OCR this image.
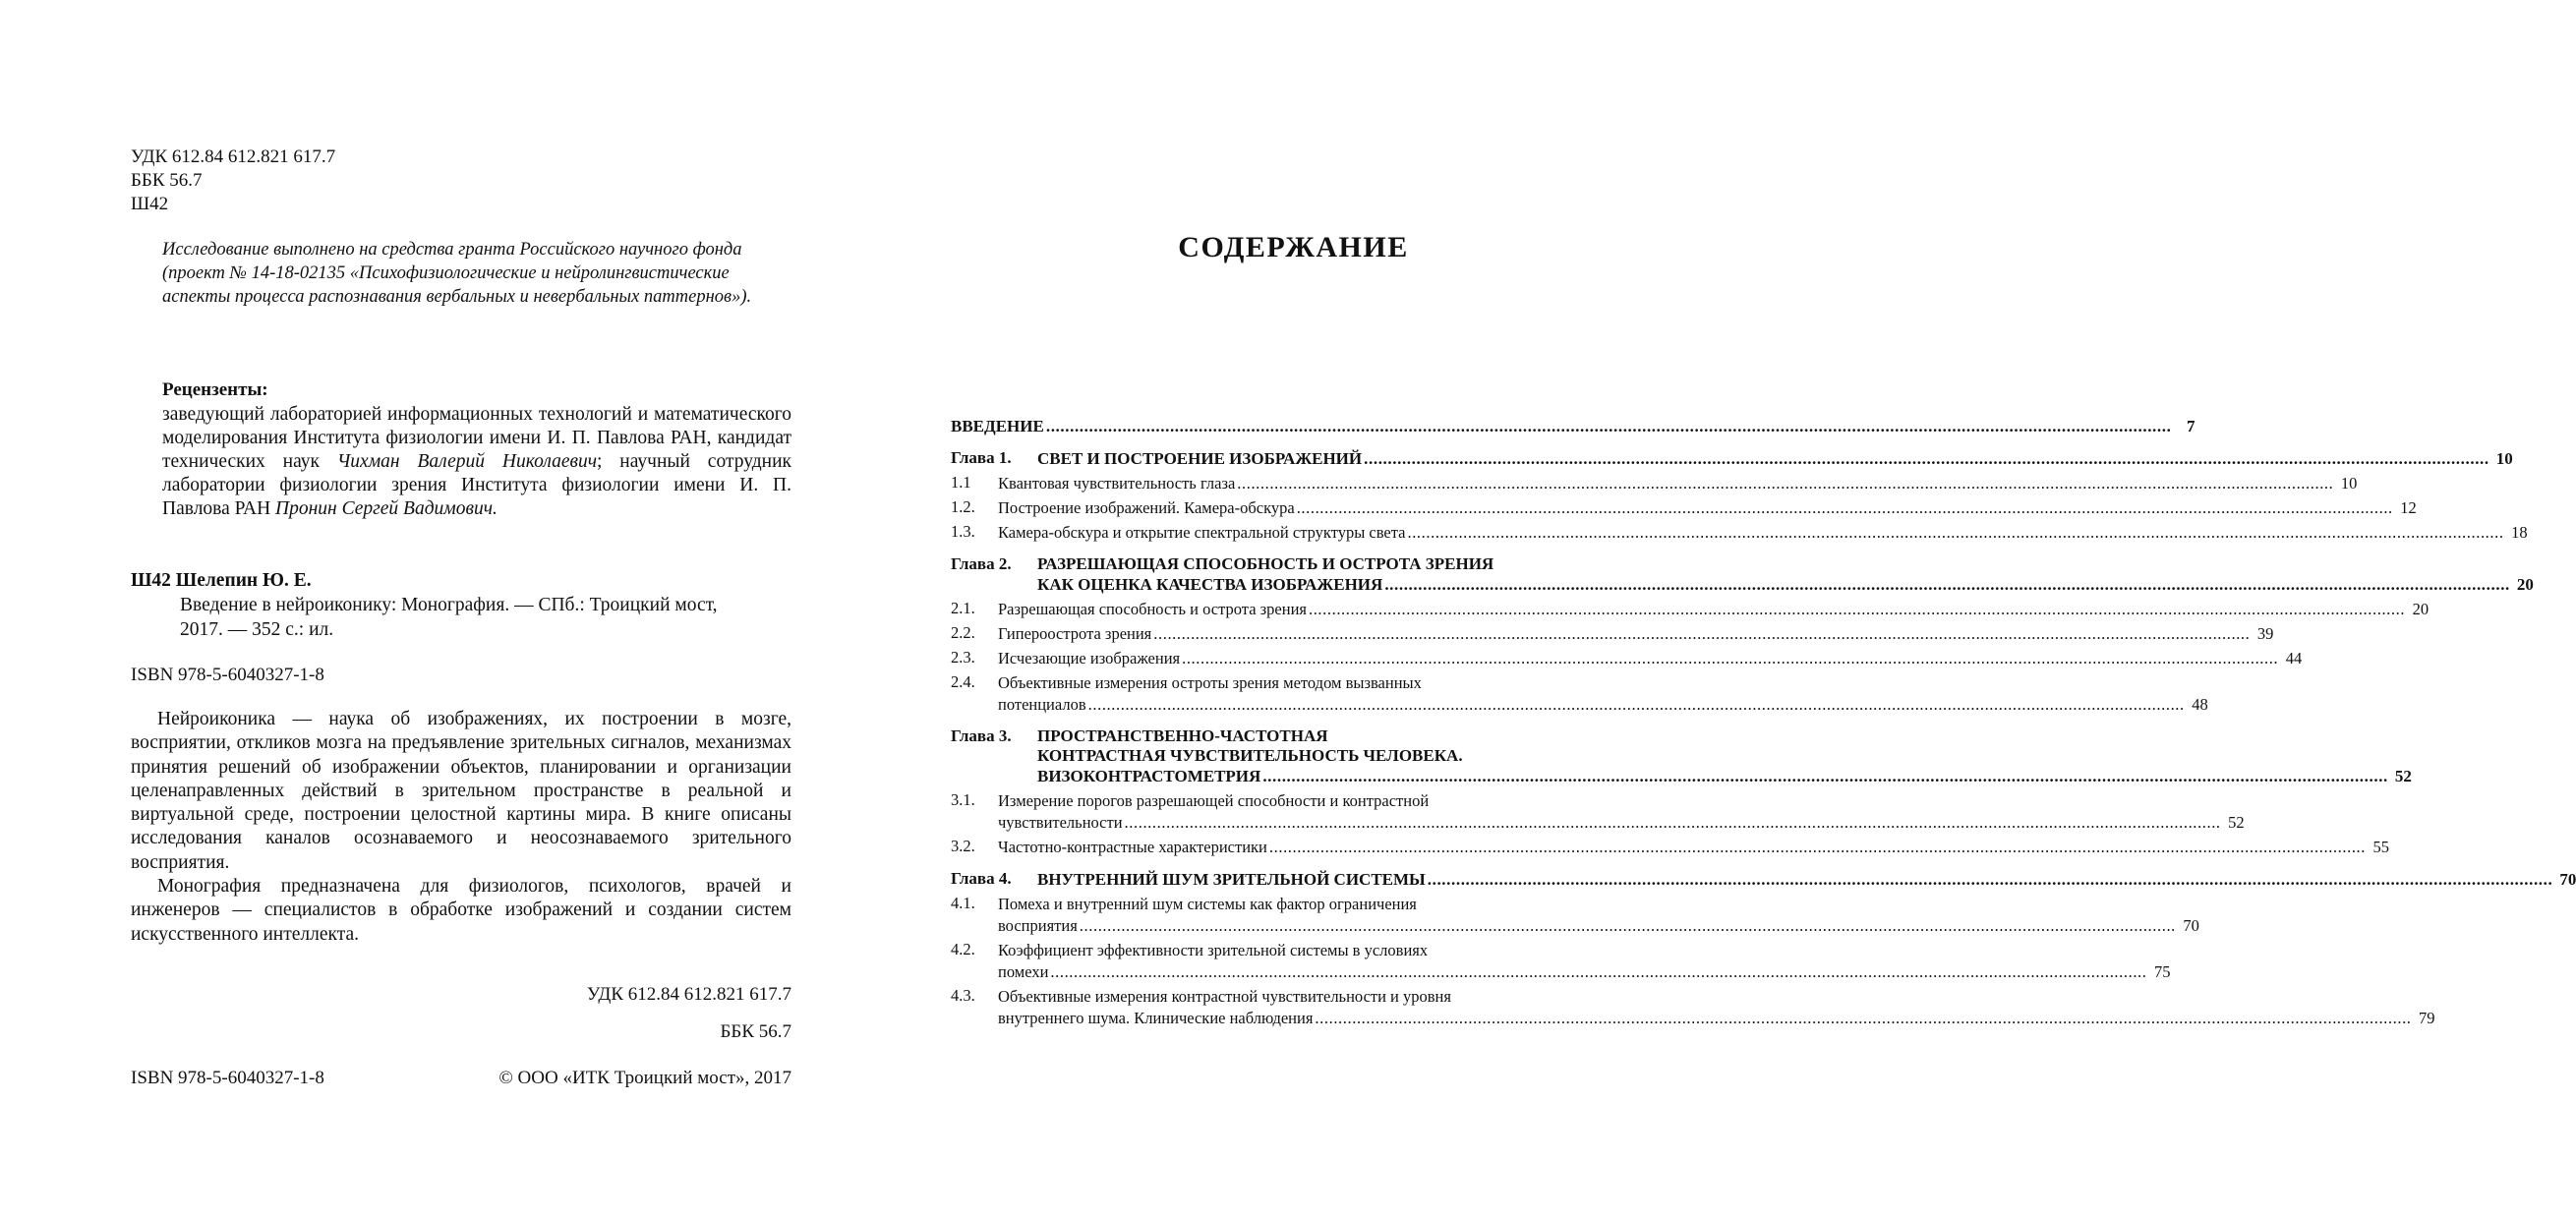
УДК 612.84 612.821 617.7
ББК 56.7
Ш42
Исследование выполнено на средства гранта Российского научного фонда (проект № 14-18-02135 «Психофизиологические и нейролингвистические аспекты процесса распознавания вербальных и невербальных паттернов»).
Рецензенты:
заведующий лабораторией информационных технологий и математического моделирования Института физиологии имени И. П. Павлова РАН, кандидат технических наук Чихман Валерий Николаевич; научный сотрудник лаборатории физиологии зрения Института физиологии имени И. П. Павлова РАН Пронин Сергей Вадимович.
Ш42 Шелепин Ю. Е.
Введение в нейроиконику: Монография. — СПб.: Троицкий мост,
2017. — 352 с.: ил.
ISBN 978-5-6040327-1-8

Нейроиконика — наука об изображениях, их построении в мозге, восприятии, откликов мозга на предъявление зрительных сигналов, механизмах принятия решений об изображении объектов, планировании и организации целенаправленных действий в зрительном пространстве в реальной и виртуальной среде, построении целостной картины мира. В книге описаны исследования каналов осознаваемого и неосознаваемого зрительного восприятия.

Монография предназначена для физиологов, психологов, врачей и инженеров — специалистов в обработке изображений и создании систем искусственного интеллекта.

УДК 612.84 612.821 617.7
ББК 56.7
ISBN 978-5-6040327-1-8	© ООО «ИТК Троицкий мост», 2017
СОДЕРЖАНИЕ
ВВЕДЕНИЕ .....	7
Глава 1.	СВЕТ И ПОСТРОЕНИЕ ИЗОБРАЖЕНИЙ .....	10
1.1	Квантовая чувствительность глаза .....	10
1.2.	Построение изображений. Камера-обскура .....	12
1.3.	Камера-обскура и открытие спектральной структуры света .....	18
Глава 2.	РАЗРЕШАЮЩАЯ СПОСОБНОСТЬ И ОСТРОТА ЗРЕНИЯ
КАК ОЦЕНКА КАЧЕСТВА ИЗОБРАЖЕНИЯ .....	20
2.1.	Разрешающая способность и острота зрения .....	20
2.2.	Гипероострота зрения .....	39
2.3.	Исчезающие изображения .....	44
2.4.	Объективные измерения остроты зрения методом вызванных
потенциалов .....	48
Глава 3.	ПРОСТРАНСТВЕННО-ЧАСТОТНАЯ
КОНТРАСТНАЯ ЧУВСТВИТЕЛЬНОСТЬ ЧЕЛОВЕКА.
ВИЗОКОНТРАСТОМЕТРИЯ .....	52
3.1.	Измерение порогов разрешающей способности и контрастной
чувствительности .....	52
3.2.	Частотно-контрастные характеристики .....	55
Глава 4.	ВНУТРЕННИЙ ШУМ ЗРИТЕЛЬНОЙ СИСТЕМЫ .....	70
4.1.	Помеха и внутренний шум системы как фактор ограничения
восприятия .....	70
4.2.	Коэффициент эффективности зрительной системы в условиях
помехи .....	75
4.3.	Объективные измерения контрастной чувствительности и уровня
внутреннего шума. Клинические наблюдения .....	79
